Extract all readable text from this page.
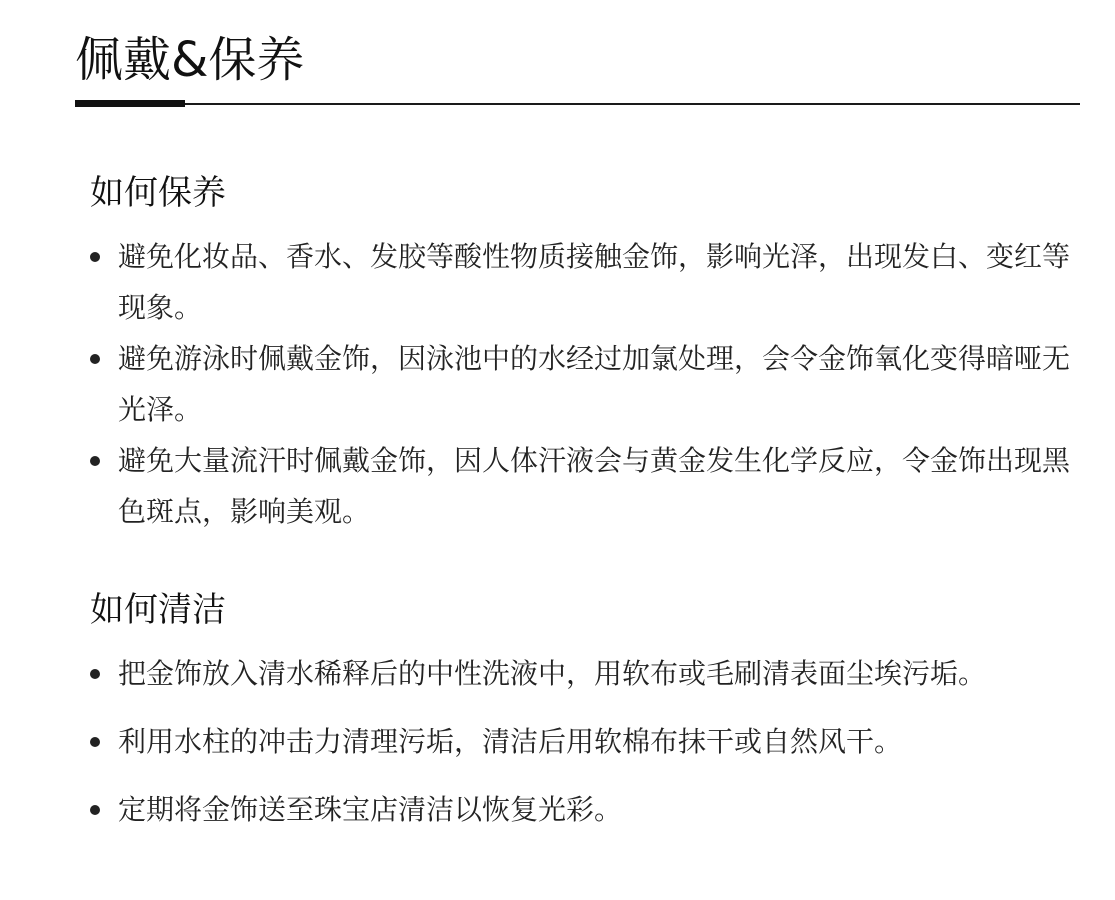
佩戴&保养
如何保养
避免化妆品、香水、发胶等酸性物质接触金饰，影响光泽，出现发白、变红等现象。
避免游泳时佩戴金饰，因泳池中的水经过加氯处理，会令金饰氧化变得暗哑无光泽。
避免大量流汗时佩戴金饰，因人体汗液会与黄金发生化学反应，令金饰出现黑色斑点，影响美观。
如何清洁
把金饰放入清水稀释后的中性洗液中，用软布或毛刷清表面尘埃污垢。
利用水柱的冲击力清理污垢，清洁后用软棉布抹干或自然风干。
定期将金饰送至珠宝店清洁以恢复光彩。
